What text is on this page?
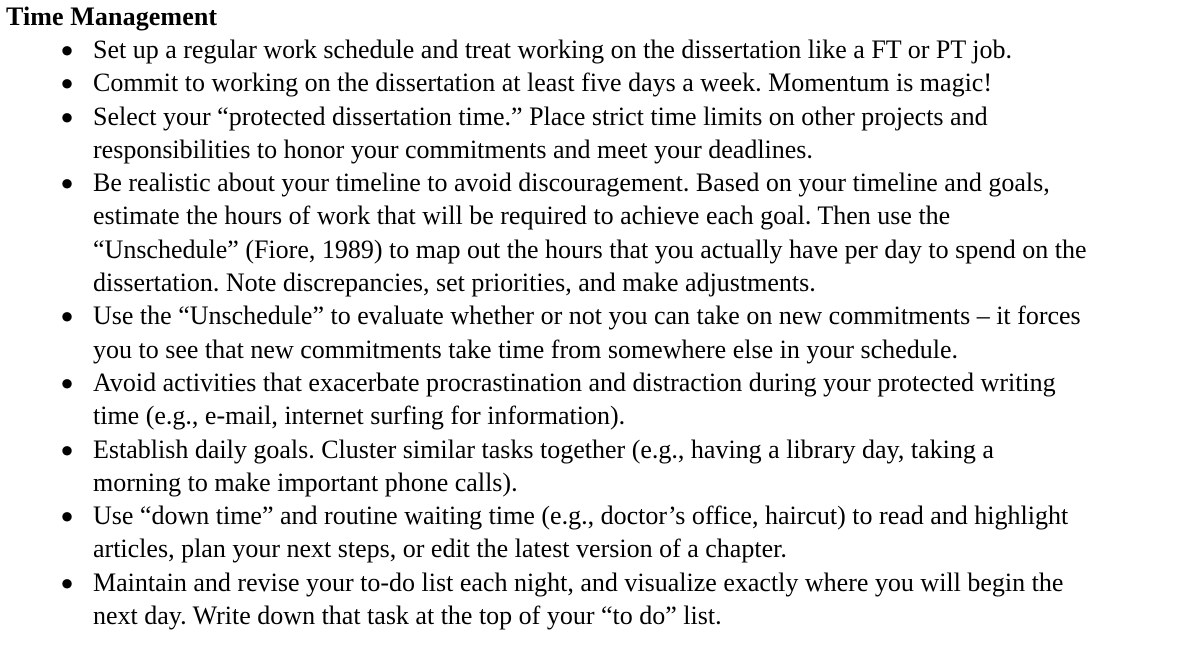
Time Management
● Set up a regular work schedule and treat working on the dissertation like a FT or PT job.
● Commit to working on the dissertation at least five days a week. Momentum is magic!
● Select your “protected dissertation time.” Place strict time limits on other projects and
responsibilities to honor your commitments and meet your deadlines.
● Be realistic about your timeline to avoid discouragement. Based on your timeline and goals,
estimate the hours of work that will be required to achieve each goal. Then use the
“Unschedule” (Fiore, 1989) to map out the hours that you actually have per day to spend on the
dissertation. Note discrepancies, set priorities, and make adjustments.
● Use the “Unschedule” to evaluate whether or not you can take on new commitments – it forces
you to see that new commitments take time from somewhere else in your schedule.
● Avoid activities that exacerbate procrastination and distraction during your protected writing
time (e.g., e-mail, internet surfing for information).
● Establish daily goals. Cluster similar tasks together (e.g., having a library day, taking a
morning to make important phone calls).
● Use “down time” and routine waiting time (e.g., doctor’s office, haircut) to read and highlight
articles, plan your next steps, or edit the latest version of a chapter.
● Maintain and revise your to-do list each night, and visualize exactly where you will begin the
next day. Write down that task at the top of your “to do” list.
